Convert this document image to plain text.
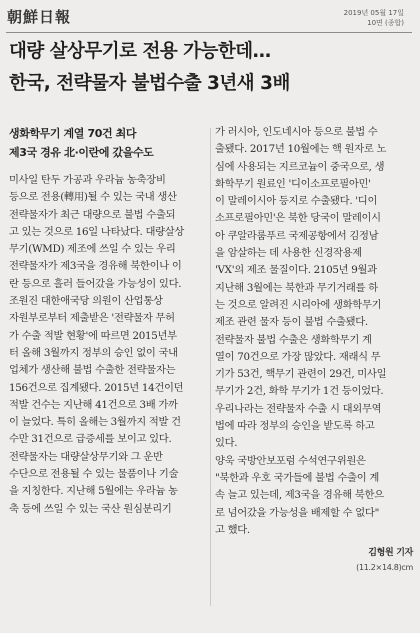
朝鮮日報	2019년 05월 17일
10면 (종합)
대량 살상무기로 전용 가능한데…
한국, 전략물자 불법수출 3년새 3배
생화학무기 계열 70건 최다
제3국 경유 北·이란에 갔을수도
미사일 탄두 가공과 우라늄 농축장비
등으로 전용(轉用)될 수 있는 국내 생산
전략물자가 최근 대량으로 불법 수출되
고 있는 것으로 16일 나타났다. 대량살상
무기(WMD) 제조에 쓰일 수 있는 우리
전략물자가 제3국을 경유해 북한이나 이
란 등으로 흘러 들어갔을 가능성이 있다.
조원진 대한애국당 의원이 산업통상
자원부로부터 제출받은 '전략물자 무허
가 수출 적발 현황'에 따르면 2015년부
터 올해 3월까지 정부의 승인 없이 국내
업체가 생산해 불법 수출한 전략물자는
156건으로 집계됐다. 2015년 14건이던
적발 건수는 지난해 41건으로 3배 가까
이 늘었다. 특히 올해는 3월까지 적발 건
수만 31건으로 급증세를 보이고 있다.
전략물자는 대량살상무기와 그 운반
수단으로 전용될 수 있는 물품이나 기술
을 지칭한다. 지난해 5월에는 우라늄 농
축 등에 쓰일 수 있는 국산 원심분리기
가 러시아, 인도네시아 등으로 불법 수
출됐다. 2017년 10월에는 핵 원자로 노
심에 사용되는 지르코늄이 중국으로, 생
화학무기 원료인 '디이소프로필아민'
이 말레이시아 등지로 수출됐다. '디이
소프로필아민'은 북한 당국이 말레이시
아 쿠알라룸푸르 국제공항에서 김정남
을 암살하는 데 사용한 신경작용제
'VX'의 제조 물질이다. 2105년 9월과
지난해 3월에는 북한과 무기거래를 하
는 것으로 알려진 시리아에 생화학무기
제조 관련 물자 등이 불법 수출됐다.
전략물자 불법 수출은 생화학무기 계
열이 70건으로 가장 많았다. 재래식 무
기가 53건, 핵무기 관련이 29건, 미사일
무기가 2건, 화학 무기가 1건 등이었다.
우리나라는 전략물자 수출 시 대외무역
법에 따라 정부의 승인을 받도록 하고
있다.
양욱 국방안보포럼 수석연구위원은
"북한과 우호 국가들에 불법 수출이 계
속 늘고 있는데, 제3국을 경유해 북한으
로 넘어갔을 가능성을 배제할 수 없다"
고 했다.
김형원 기자
(11.2×14.8)cm
